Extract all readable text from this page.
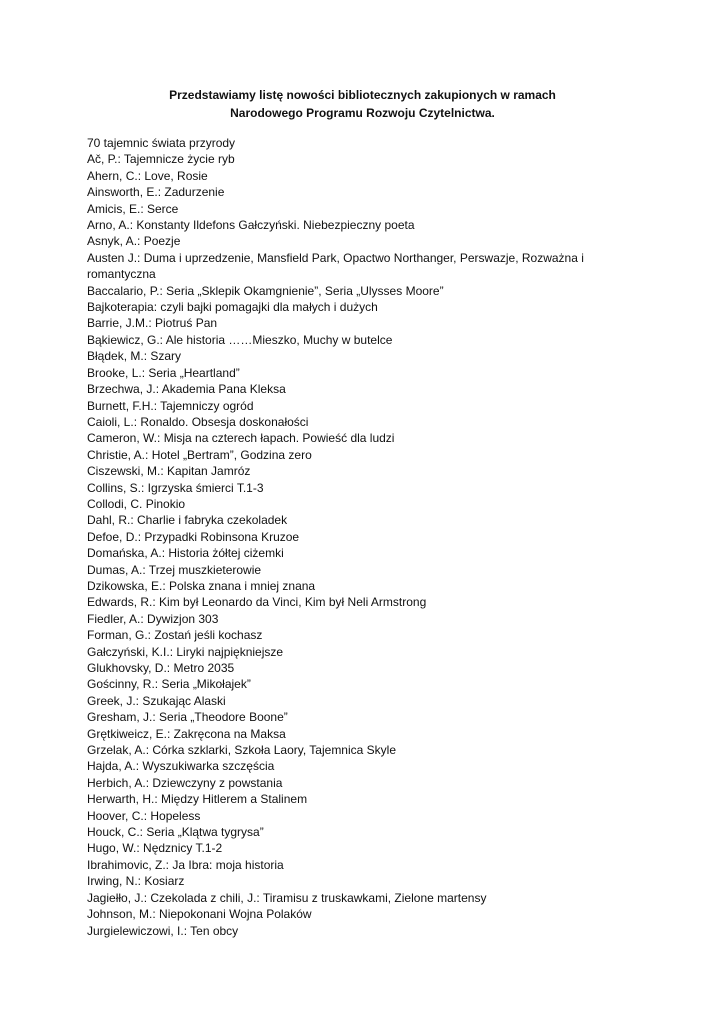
Przedstawiamy listę nowości bibliotecznych zakupionych w ramach
Narodowego Programu Rozwoju Czytelnictwa.
70 tajemnic świata przyrody
Ač, P.: Tajemnicze życie ryb
Ahern, C.: Love, Rosie
Ainsworth, E.: Zadurzenie
Amicis, E.: Serce
Arno, A.: Konstanty Ildefons Gałczyński. Niebezpieczny poeta
Asnyk, A.: Poezje
Austen J.: Duma i uprzedzenie, Mansfield Park, Opactwo Northanger, Perswazje, Rozważna i
romantyczna
Baccalario, P.: Seria „Sklepik Okamgnienie”, Seria „Ulysses Moore”
Bajkoterapia: czyli bajki pomagajki dla małych i dużych
Barrie, J.M.: Piotruś Pan
Bąkiewicz, G.: Ale historia ……Mieszko, Muchy w butelce
Błądek, M.: Szary
Brooke, L.: Seria „Heartland”
Brzechwa, J.: Akademia Pana Kleksa
Burnett, F.H.: Tajemniczy ogród
Caioli, L.: Ronaldo. Obsesja doskonałości
Cameron, W.: Misja na czterech łapach. Powieść dla ludzi
Christie, A.: Hotel „Bertram”, Godzina zero
Ciszewski, M.: Kapitan Jamróz
Collins, S.: Igrzyska śmierci T.1-3
Collodi, C. Pinokio
Dahl, R.: Charlie i fabryka czekoladek
Defoe, D.: Przypadki Robinsona Kruzoe
Domańska, A.: Historia żółtej ciżemki
Dumas, A.: Trzej muszkieterowie
Dzikowska, E.: Polska znana i mniej znana
Edwards, R.: Kim był Leonardo da Vinci, Kim był Neli Armstrong
Fiedler, A.: Dywizjon 303
Forman, G.: Zostań jeśli kochasz
Gałczyński, K.I.: Liryki najpiękniejsze
Glukhovsky, D.: Metro 2035
Gościnny, R.: Seria „Mikołajek”
Greek, J.: Szukając Alaski
Gresham, J.: Seria „Theodore Boone”
Grętkiweicz, E.: Zakręcona na Maksa
Grzelak, A.: Córka szklarki, Szkoła Laory, Tajemnica Skyle
Hajda, A.: Wyszukiwarka szczęścia
Herbich, A.: Dziewczyny z powstania
Herwarth, H.: Między Hitlerem a Stalinem
Hoover, C.: Hopeless
Houck, C.: Seria „Klątwa tygrysa”
Hugo, W.: Nędznicy T.1-2
Ibrahimovic, Z.: Ja Ibra: moja historia
Irwing, N.: Kosiarz
Jagiełło, J.: Czekolada z chili, J.: Tiramisu z truskawkami, Zielone martensy
Johnson, M.: Niepokonani Wojna Polaków
Jurgielewiczowi, I.: Ten obcy
